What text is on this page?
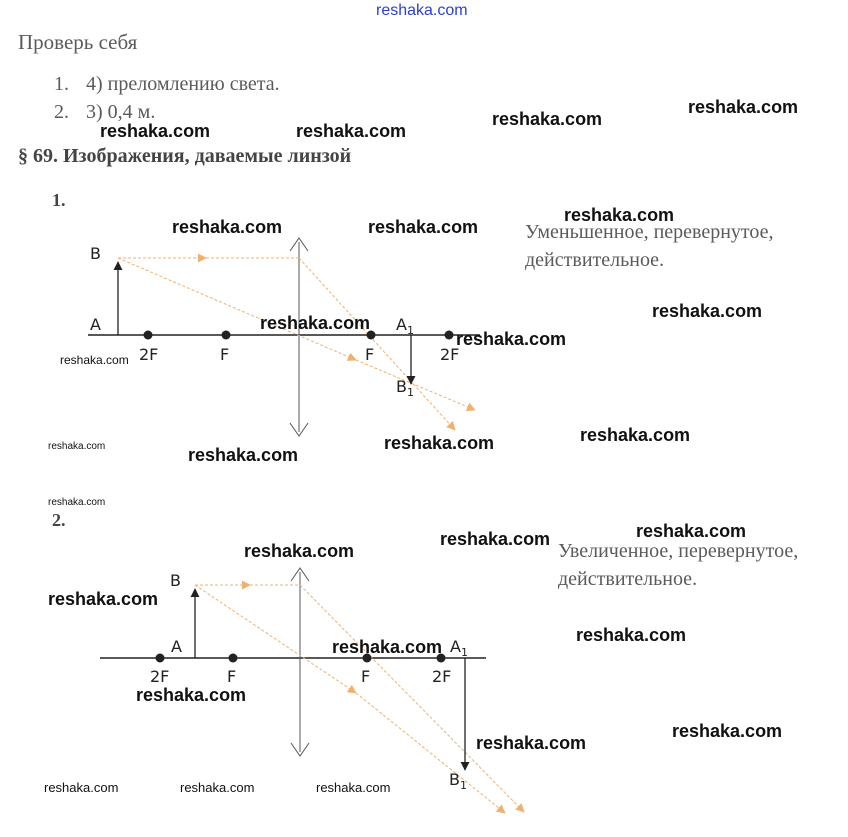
reshaka.com
Проверь себя
1. 4) преломлению света.
2. 3) 0,4 м.
§ 69. Изображения, даваемые линзой
1.
Уменьшенное, перевернутое,
действительное.
2.
Увеличенное, перевернутое,
действительное.
B
A	$A_1$
$B_1$
2F	F	F	2F
B
A	$A_1$
$B_1$
2F	F	F	2F
reshaka.com	reshaka.com
reshaka.com
reshaka.com
reshaka.com	reshaka.com
reshaka.com
reshaka.com
reshaka.com
reshaka.com
reshaka.com	reshaka.com
reshaka.com
reshaka.com
reshaka.com
reshaka.com
reshaka.com
reshaka.com
reshaka.com
reshaka.com
reshaka.com
reshaka.com
reshaka.com
reshaka.com
reshaka.com
reshaka.com	reshaka.com	reshaka.com
